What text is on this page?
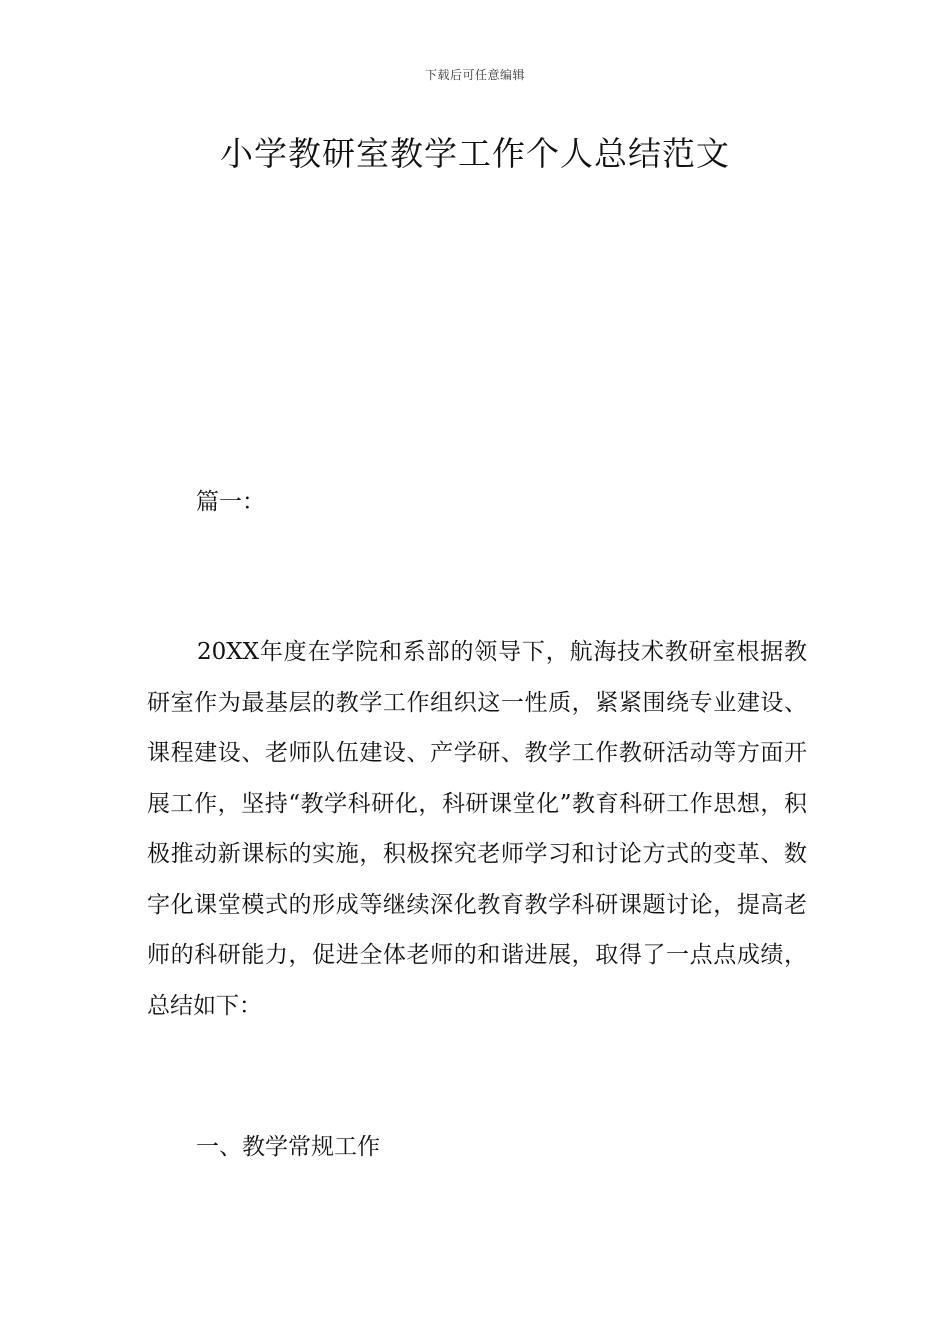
下载后可任意编辑
小学教研室教学工作个人总结范文
篇一：

20XX年度在学院和系部的领导下，航海技术教研室根据教研室作为最基层的教学工作组织这一性质，紧紧围绕专业建设、课程建设、老师队伍建设、产学研、教学工作教研活动等方面开展工作，坚持“教学科研化，科研课堂化”教育科研工作思想，积极推动新课标的实施，积极探究老师学习和讨论方式的变革、数字化课堂模式的形成等继续深化教育教学科研课题讨论，提高老师的科研能力，促进全体老师的和谐进展，取得了一点点成绩，总结如下：

一、教学常规工作
